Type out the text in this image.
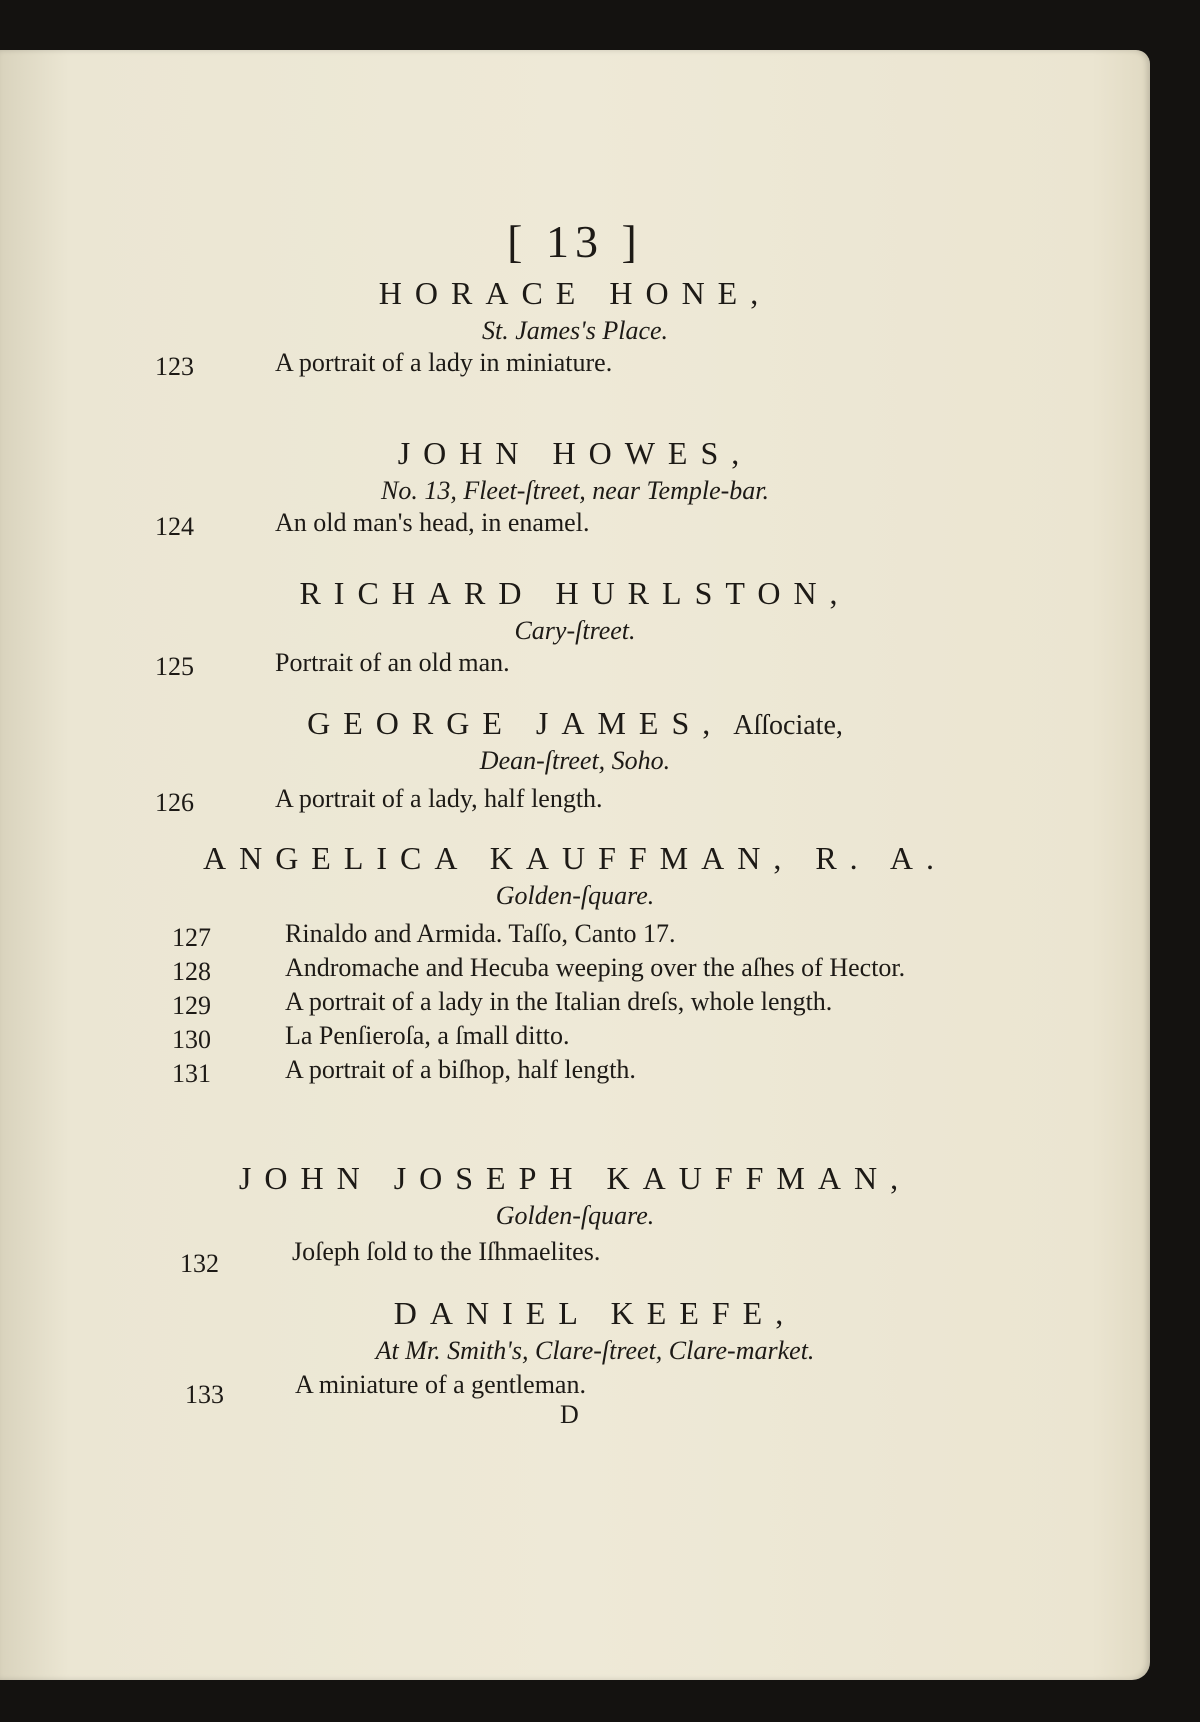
[ 13 ]
HORACE HONE,
St. James's Place.
123	A portrait of a lady in miniature.
JOHN HOWES,
No. 13, Fleet-ſtreet, near Temple-bar.
124	An old man's head, in enamel.
RICHARD HURLSTON,
Cary-ſtreet.
125	Portrait of an old man.
GEORGE JAMES, Aſſociate,
Dean-ſtreet, Soho.
126	A portrait of a lady, half length.
ANGELICA KAUFFMAN, R. A.
Golden-ſquare.
127	Rinaldo and Armida. Taſſo, Canto 17.
128	Andromache and Hecuba weeping over the aſhes of Hector.
129	A portrait of a lady in the Italian dreſs, whole length.
130	La Penſieroſa, a ſmall ditto.
131	A portrait of a biſhop, half length.
JOHN JOSEPH KAUFFMAN,
Golden-ſquare.
132	Joſeph ſold to the Iſhmaelites.
DANIEL KEEFE,
At Mr. Smith's, Clare-ſtreet, Clare-market.
133	A miniature of a gentleman.
D
